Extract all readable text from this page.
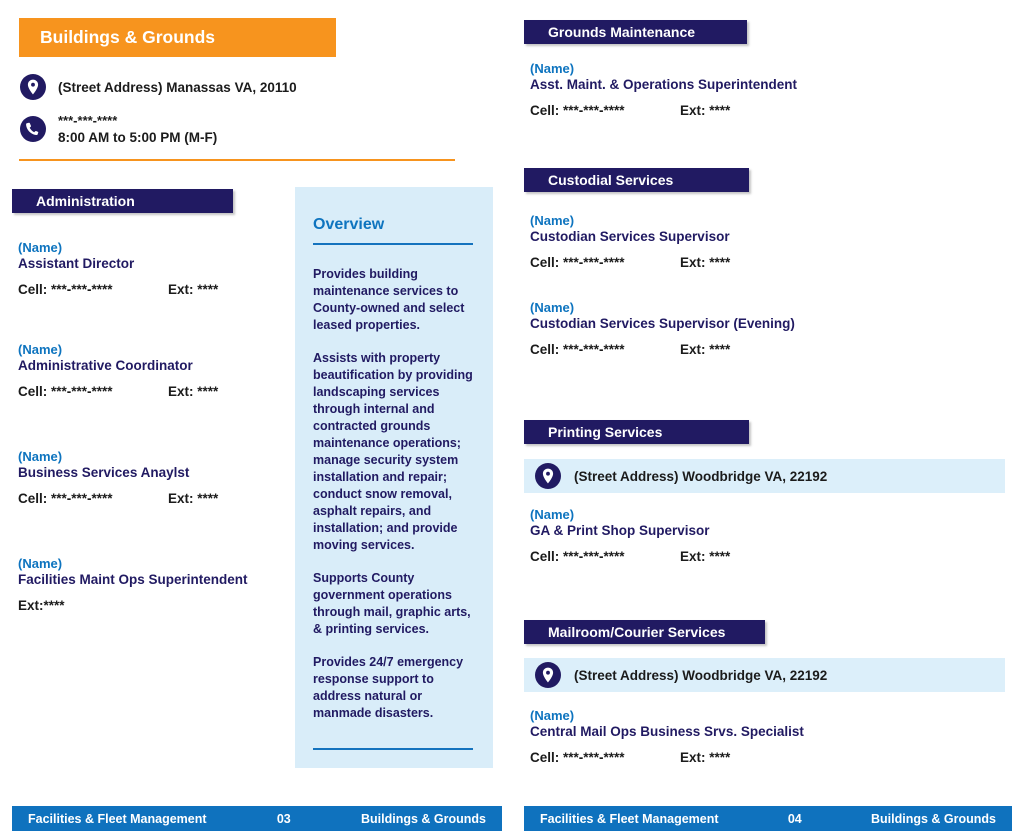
Buildings & Grounds
(Street Address) Manassas VA, 20110
***-***-****
8:00 AM to 5:00 PM (M-F)
Administration
(Name)
Assistant Director
Cell: ***-***-****	Ext: ****
(Name)
Administrative Coordinator
Cell: ***-***-****	Ext: ****
(Name)
Business Services Anaylst
Cell: ***-***-****	Ext: ****
(Name)
Facilities Maint Ops Superintendent
Ext:****
Overview

Provides building maintenance services to County-owned and select leased properties.

Assists with property beautification by providing landscaping services through internal and contracted grounds maintenance operations; manage security system installation and repair; conduct snow removal, asphalt repairs, and installation; and provide moving services.

Supports County government operations through mail, graphic arts, & printing services.

Provides 24/7 emergency response support to address natural or manmade disasters.

Facilities & Fleet Management	03	Buildings & Grounds
Grounds Maintenance
(Name)
Asst. Maint. & Operations Superintendent
Cell: ***-***-****	Ext: ****
Custodial Services
(Name)
Custodian Services Supervisor
Cell: ***-***-****	Ext: ****
(Name)
Custodian Services Supervisor (Evening)
Cell: ***-***-****	Ext: ****
Printing Services
(Street Address) Woodbridge VA, 22192
(Name)
GA & Print Shop Supervisor
Cell: ***-***-****	Ext: ****
Mailroom/Courier Services
(Street Address) Woodbridge VA, 22192
(Name)
Central Mail Ops Business Srvs. Specialist
Cell: ***-***-****	Ext: ****
Facilities & Fleet Management	04	Buildings & Grounds
